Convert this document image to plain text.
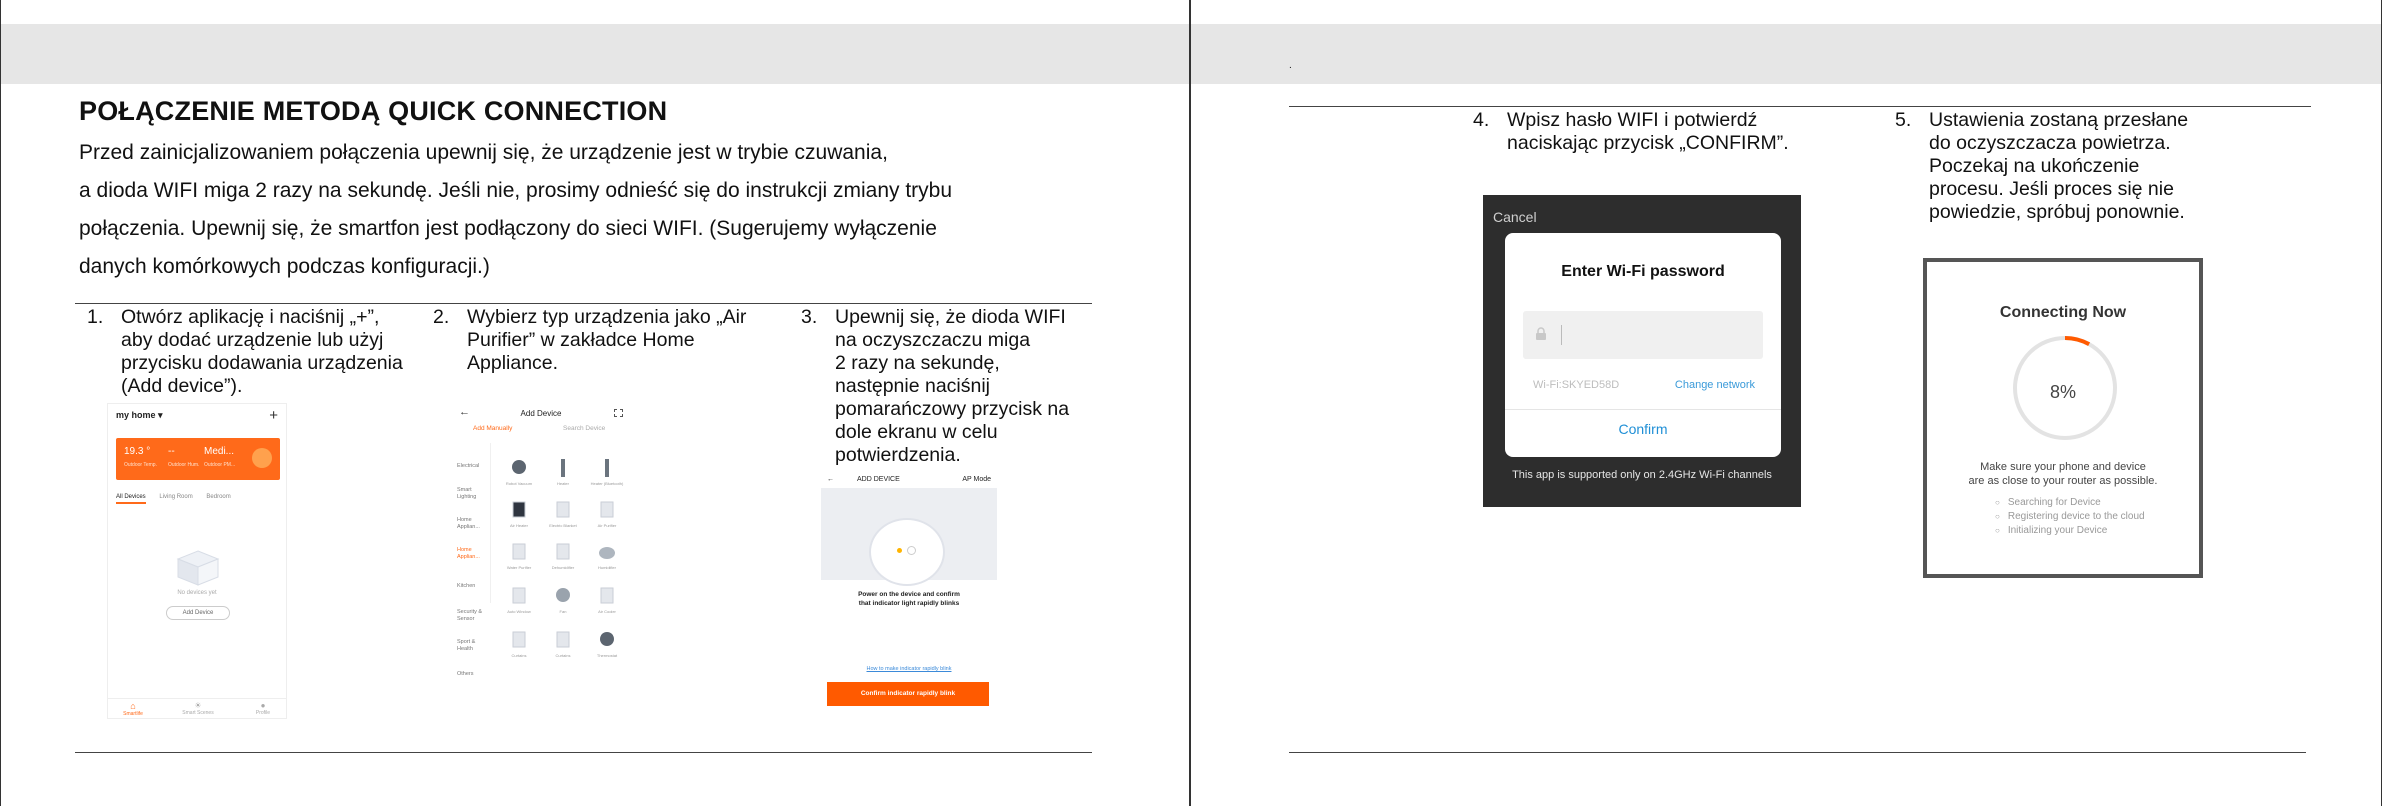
POŁĄCZENIE METODĄ QUICK CONNECTION

Przed zainicjalizowaniem połączenia upewnij się, że urządzenie jest w trybie czuwania,

a dioda WIFI miga 2 razy na sekundę. Jeśli nie, prosimy odnieść się do instrukcji zmiany trybu

połączenia. Upewnij się, że smartfon jest podłączony do sieci WIFI. (Sugerujemy wyłączenie

danych komórkowych podczas konfiguracji.)

1. Otwórz aplikację i naciśnij „+”,
aby dodać urządzenie lub użyj
przycisku dodawania urządzenia
(Add device”).
2. Wybierz typ urządzenia jako „Air
Purifier” w zakładce Home
Appliance.
3. Upewnij się, że dioda WIFI
na oczyszczaczu miga
2 razy na sekundę,
następnie naciśnij
pomarańczowy przycisk na
dole ekranu w celu
potwierdzenia.
my home ▾	+
19.3 °
Outdoor Temp.
--
Outdoor Hum.
Medi...
Outdoor PM...
All Devices Living Room Bedroom
No devices yet
Add Device
⌂
Smartlife
☀
Smart Scenes
●
Profile
←	Add Device
Add Manually	Search Device
Electrical
Smart Lighting
Home Applian...
Home Applian...
Kitchen
Security & Sensor
Sport & Health
Others
Robot Vacuum	Heater	Heater (Bluetooth)
Air Heater	Electric Blanket	Air Purifier
Water Purifier	Dehumidifier	Humidifier
Auto Window	Fan	Air Cooler
Curtains	Curtains	Thermostat
←	ADD DEVICE	AP Mode
Power on the device and confirm
that indicator light rapidly blinks
How to make indicator rapidly blink
Confirm indicator rapidly blink
.
4. Wpisz hasło WIFI i potwierdź
naciskając przycisk „CONFIRM”.
5. Ustawienia zostaną przesłane
do oczyszczacza powietrza.
Poczekaj na ukończenie
procesu. Jeśli proces się nie
powiedzie, spróbuj ponownie.
Cancel
Enter Wi-Fi password
Wi-Fi:SKYED58D	Change network
Confirm
This app is supported only on 2.4GHz Wi-Fi channels
Connecting Now
8%
Make sure your phone and device
are as close to your router as possible.
○ Searching for Device
○ Registering device to the cloud
○ Initializing your Device
